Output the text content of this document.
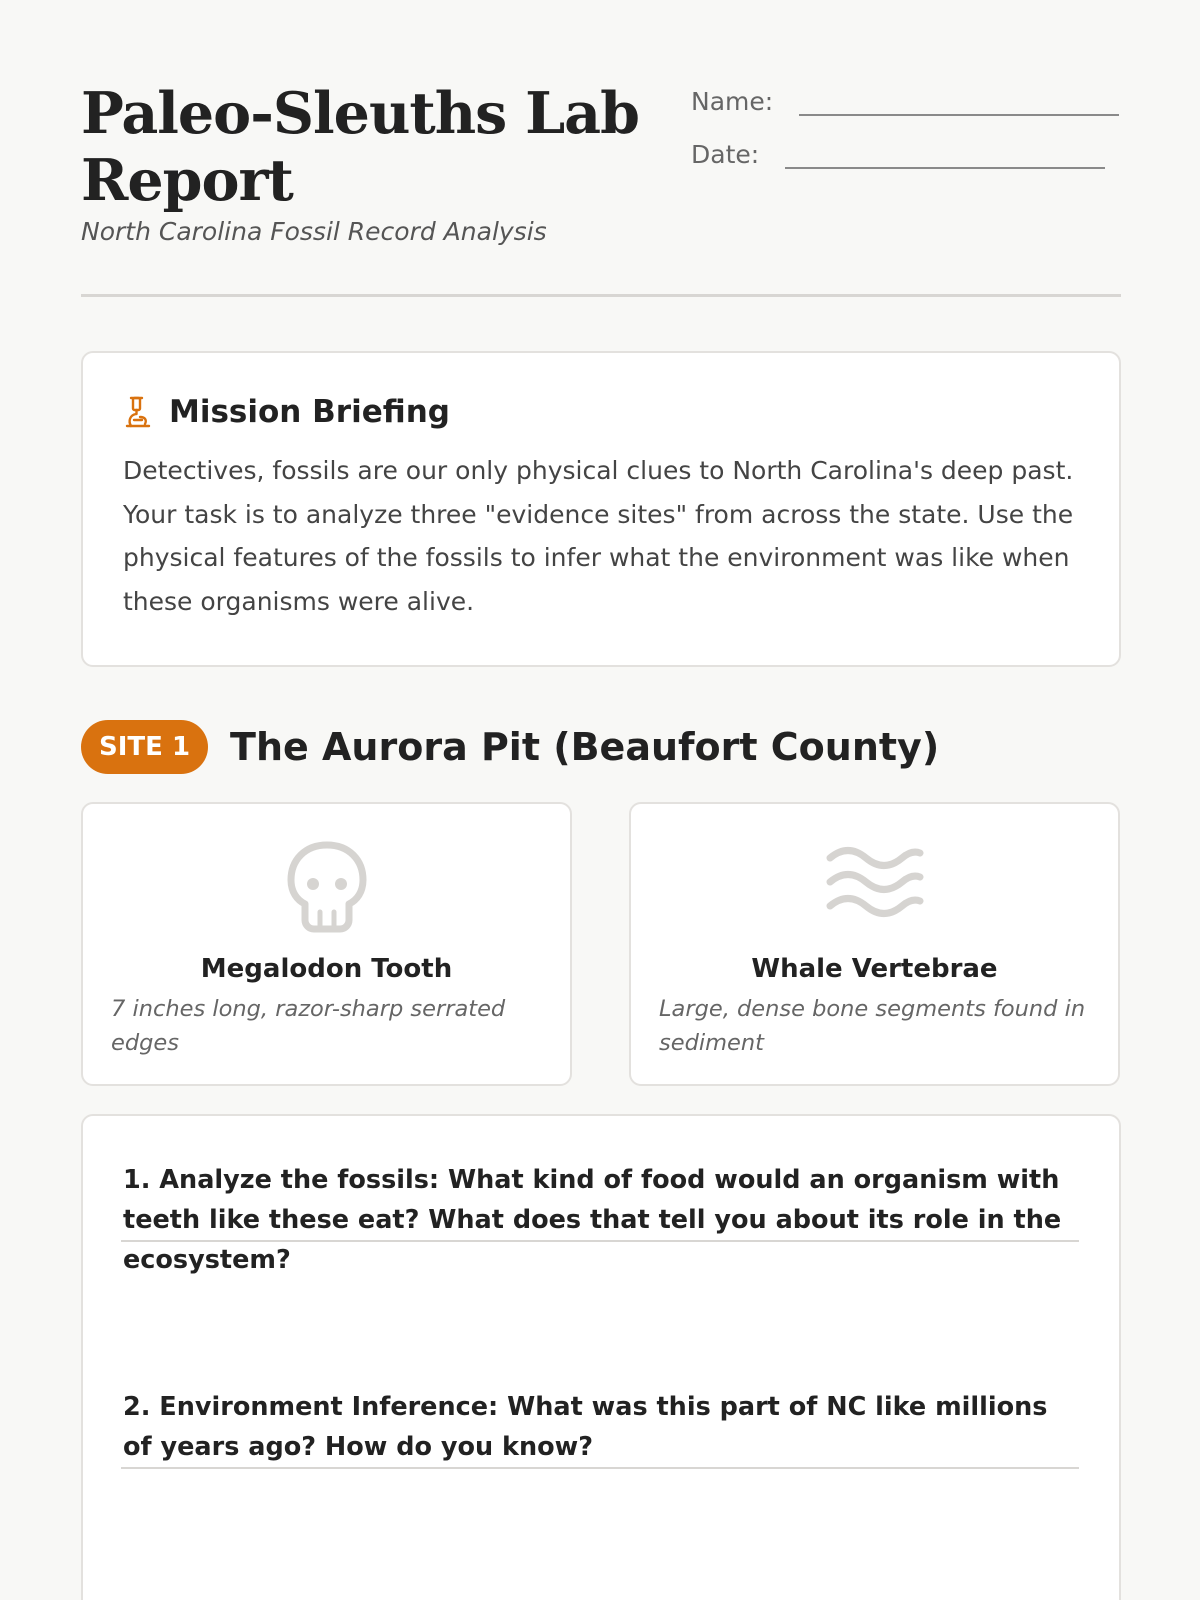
Paleo-Sleuths Lab Report
North Carolina Fossil Record Analysis
Name:
Date:
Mission Briefing
Detectives, fossils are our only physical clues to North Carolina's deep past. Your task is to analyze three "evidence sites" from across the state. Use the physical features of the fossils to infer what the environment was like when these organisms were alive.
SITE 1	The Aurora Pit (Beaufort County)
Megalodon Tooth
7 inches long, razor-sharp serrated edges
Whale Vertebrae
Large, dense bone segments found in sediment
1. Analyze the fossils: What kind of food would an organism with teeth like these eat? What does that tell you about its role in the ecosystem?
2. Environment Inference: What was this part of NC like millions of years ago? How do you know?
